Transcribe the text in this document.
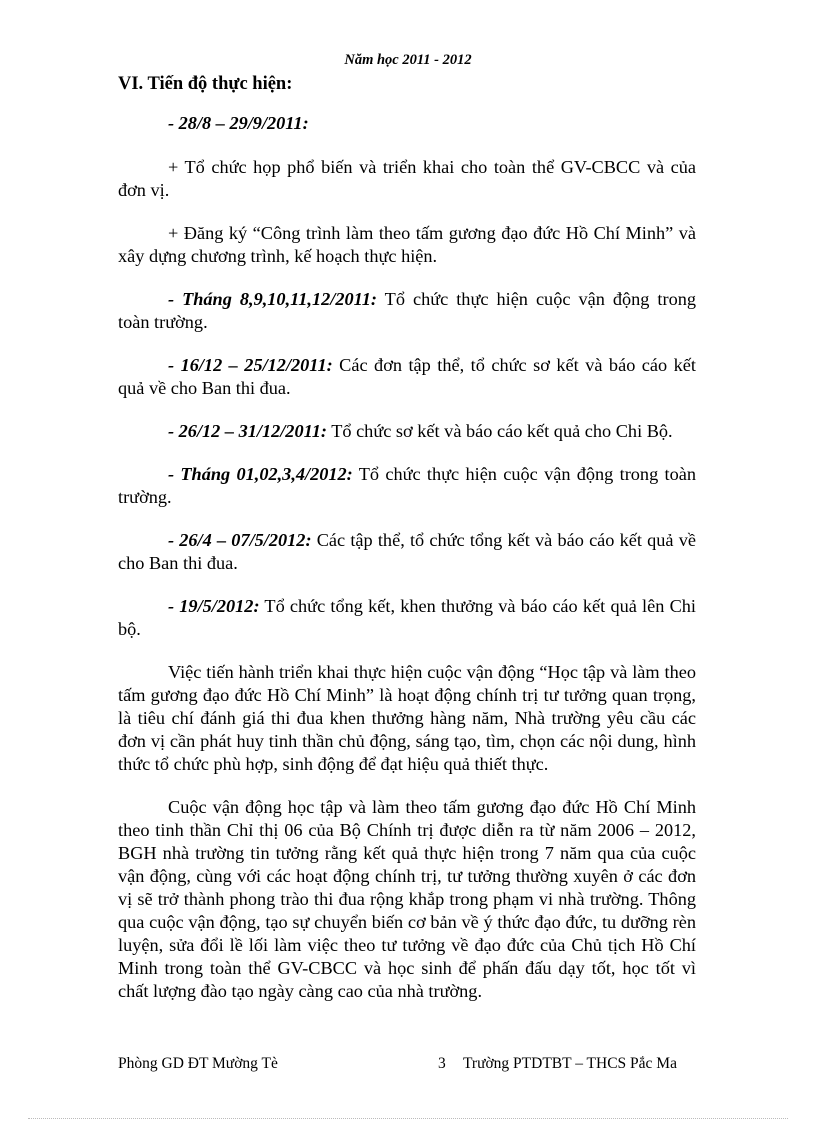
Năm học 2011 - 2012
VI. Tiến độ thực hiện:

- 28/8 – 29/9/2011:

+ Tổ chức họp phổ biến và triển khai cho toàn thể GV-CBCC và của đơn vị.

+ Đăng ký “Công trình làm theo tấm gương đạo đức Hồ Chí Minh” và xây dựng chương trình, kế hoạch thực hiện.

- Tháng 8,9,10,11,12/2011: Tổ chức thực hiện cuộc vận động trong toàn trường.

- 16/12 – 25/12/2011: Các đơn tập thể, tổ chức sơ kết và báo cáo kết quả về cho Ban thi đua.

- 26/12 – 31/12/2011: Tổ chức sơ kết và báo cáo kết quả cho Chi Bộ.

- Tháng 01,02,3,4/2012: Tổ chức thực hiện cuộc vận động trong toàn trường.

- 26/4 – 07/5/2012: Các tập thể, tổ chức tổng kết và báo cáo kết quả về cho Ban thi đua.

- 19/5/2012: Tổ chức tổng kết, khen thưởng và báo cáo kết quả lên Chi bộ.

Việc tiến hành triển khai thực hiện cuộc vận động “Học tập và làm theo tấm gương đạo đức Hồ Chí Minh” là hoạt động chính trị tư tưởng quan trọng, là tiêu chí đánh giá thi đua khen thưởng hàng năm, Nhà trường yêu cầu các đơn vị cần phát huy tinh thần chủ động, sáng tạo, tìm, chọn các nội dung, hình thức tổ chức phù hợp, sinh động để đạt hiệu quả thiết thực.

Cuộc vận động học tập và làm theo tấm gương đạo đức Hồ Chí Minh theo tinh thần Chỉ thị 06 của Bộ Chính trị được diễn ra từ năm 2006 – 2012, BGH nhà trường tin tưởng rằng kết quả thực hiện trong 7 năm qua của cuộc vận động, cùng với các hoạt động chính trị, tư tưởng thường xuyên ở các đơn vị sẽ trở thành phong trào thi đua rộng khắp trong phạm vi nhà trường. Thông qua cuộc vận động, tạo sự chuyển biến cơ bản về ý thức đạo đức, tu dưỡng rèn luyện, sửa đổi lề lối làm việc theo tư tưởng về đạo đức của Chủ tịch Hồ Chí Minh trong toàn thể GV-CBCC và học sinh để phấn đấu dạy tốt, học tốt vì chất lượng đào tạo ngày càng cao của nhà trường.

Phòng GD ĐT Mường Tè	3 Trường PTDTBT – THCS Pắc Ma
